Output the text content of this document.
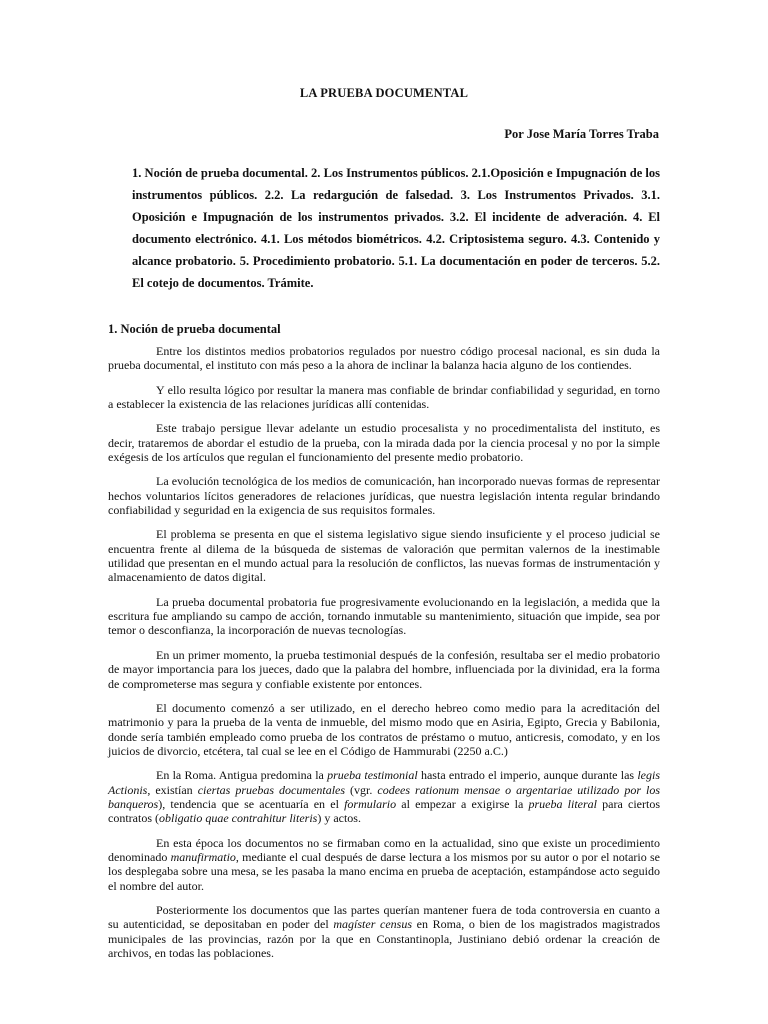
LA PRUEBA DOCUMENTAL
Por Jose María Torres Traba
1. Noción de prueba documental. 2. Los Instrumentos públicos. 2.1.Oposición e Impugnación de los instrumentos públicos. 2.2. La redargución de falsedad. 3. Los Instrumentos Privados. 3.1. Oposición e Impugnación de los instrumentos privados. 3.2. El incidente de adveración. 4. El documento electrónico. 4.1. Los métodos biométricos. 4.2. Criptosistema seguro. 4.3. Contenido y alcance probatorio. 5. Procedimiento probatorio. 5.1. La documentación en poder de terceros. 5.2. El cotejo de documentos. Trámite.
1. Noción de prueba documental

Entre los distintos medios probatorios regulados por nuestro código procesal nacional, es sin duda la prueba documental, el instituto con más peso a la ahora de inclinar la balanza hacia alguno de los contiendes.

Y ello resulta lógico por resultar la manera mas confiable de brindar confiabilidad y seguridad, en torno a establecer la existencia de las relaciones jurídicas allí contenidas.

Este trabajo persigue llevar adelante un estudio procesalista y no procedimentalista del instituto, es decir, trataremos de abordar el estudio de la prueba, con la mirada dada por la ciencia procesal y no por la simple exégesis de los artículos que regulan el funcionamiento del presente medio probatorio.

La evolución tecnológica de los medios de comunicación, han incorporado nuevas formas de representar hechos voluntarios lícitos generadores de relaciones jurídicas, que nuestra legislación intenta regular brindando confiabilidad y seguridad en la exigencia de sus requisitos formales.

El problema se presenta en que el sistema legislativo sigue siendo insuficiente y el proceso judicial se encuentra frente al dilema de la búsqueda de sistemas de valoración que permitan valernos de la inestimable utilidad que presentan en el mundo actual para la resolución de conflictos, las nuevas formas de instrumentación y almacenamiento de datos digital.

La prueba documental probatoria fue progresivamente evolucionando en la legislación, a medida que la escritura fue ampliando su campo de acción, tornando inmutable su mantenimiento, situación que impide, sea por temor o desconfianza, la incorporación de nuevas tecnologías.

En un primer momento, la prueba testimonial después de la confesión, resultaba ser el medio probatorio de mayor importancia para los jueces, dado que la palabra del hombre, influenciada por la divinidad, era la forma de comprometerse mas segura y confiable existente por entonces.

El documento comenzó a ser utilizado, en el derecho hebreo como medio para la acreditación del matrimonio y para la prueba de la venta de inmueble, del mismo modo que en Asiria, Egipto, Grecia y Babilonia, donde sería también empleado como prueba de los contratos de préstamo o mutuo, anticresis, comodato, y en los juicios de divorcio, etcétera, tal cual se lee en el Código de Hammurabi (2250 a.C.)

En la Roma. Antigua predomina la prueba testimonial hasta entrado el imperio, aunque durante las legis Actionis, existían ciertas pruebas documentales (vgr. codees rationum mensae o argentariae utilizado por los banqueros), tendencia que se acentuaría en el formulario al empezar a exigirse la prueba literal para ciertos contratos (obligatio quae contrahitur literis) y actos.

En esta época los documentos no se firmaban como en la actualidad, sino que existe un procedimiento denominado manufirmatio, mediante el cual después de darse lectura a los mismos por su autor o por el notario se los desplegaba sobre una mesa, se les pasaba la mano encima en prueba de aceptación, estampándose acto seguido el nombre del autor.

Posteriormente los documentos que las partes querían mantener fuera de toda controversia en cuanto a su autenticidad, se depositaban en poder del magíster census en Roma, o bien de los magistrados magistrados municipales de las provincias, razón por la que en Constantinopla, Justiniano debió ordenar la creación de archivos, en todas las poblaciones.
